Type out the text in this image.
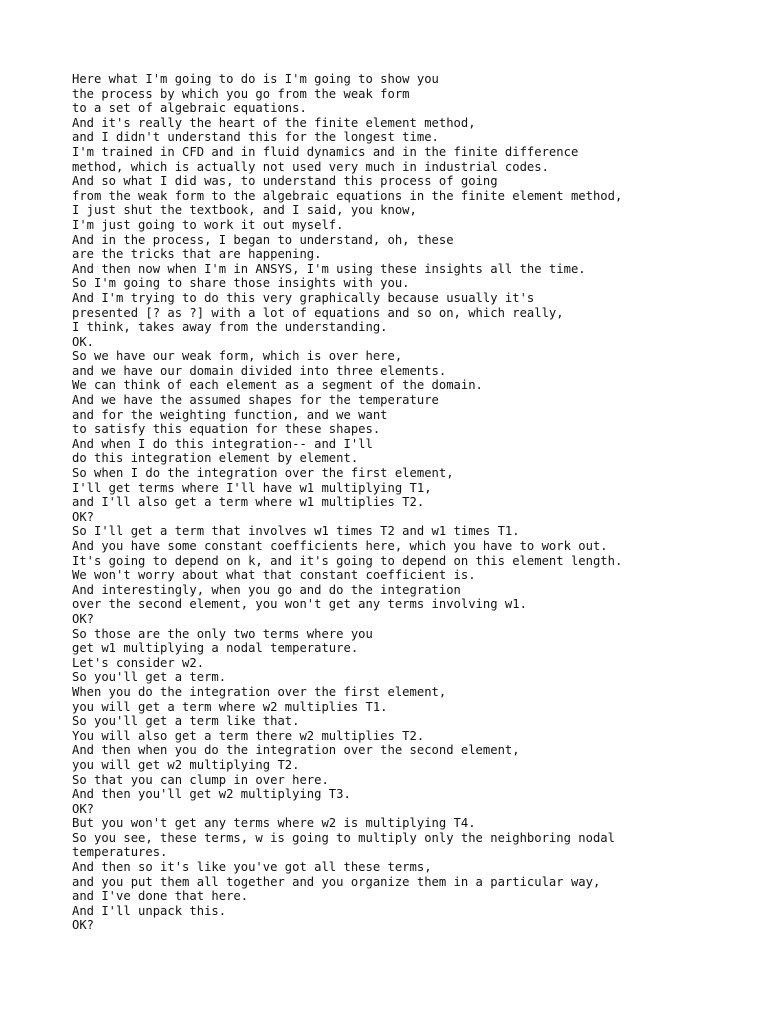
Here what I'm going to do is I'm going to show you
the process by which you go from the weak form
to a set of algebraic equations.
And it's really the heart of the finite element method,
and I didn't understand this for the longest time.
I'm trained in CFD and in fluid dynamics and in the finite difference
method, which is actually not used very much in industrial codes.
And so what I did was, to understand this process of going
from the weak form to the algebraic equations in the finite element method,
I just shut the textbook, and I said, you know,
I'm just going to work it out myself.
And in the process, I began to understand, oh, these
are the tricks that are happening.
And then now when I'm in ANSYS, I'm using these insights all the time.
So I'm going to share those insights with you.
And I'm trying to do this very graphically because usually it's
presented [? as ?] with a lot of equations and so on, which really,
I think, takes away from the understanding.
OK.
So we have our weak form, which is over here,
and we have our domain divided into three elements.
We can think of each element as a segment of the domain.
And we have the assumed shapes for the temperature
and for the weighting function, and we want
to satisfy this equation for these shapes.
And when I do this integration-- and I'll
do this integration element by element.
So when I do the integration over the first element,
I'll get terms where I'll have w1 multiplying T1,
and I'll also get a term where w1 multiplies T2.
OK?
So I'll get a term that involves w1 times T2 and w1 times T1.
And you have some constant coefficients here, which you have to work out.
It's going to depend on k, and it's going to depend on this element length.
We won't worry about what that constant coefficient is.
And interestingly, when you go and do the integration
over the second element, you won't get any terms involving w1.
OK?
So those are the only two terms where you
get w1 multiplying a nodal temperature.
Let's consider w2.
So you'll get a term.
When you do the integration over the first element,
you will get a term where w2 multiplies T1.
So you'll get a term like that.
You will also get a term there w2 multiplies T2.
And then when you do the integration over the second element,
you will get w2 multiplying T2.
So that you can clump in over here.
And then you'll get w2 multiplying T3.
OK?
But you won't get any terms where w2 is multiplying T4.
So you see, these terms, w is going to multiply only the neighboring nodal
temperatures.
And then so it's like you've got all these terms,
and you put them all together and you organize them in a particular way,
and I've done that here.
And I'll unpack this.
OK?
